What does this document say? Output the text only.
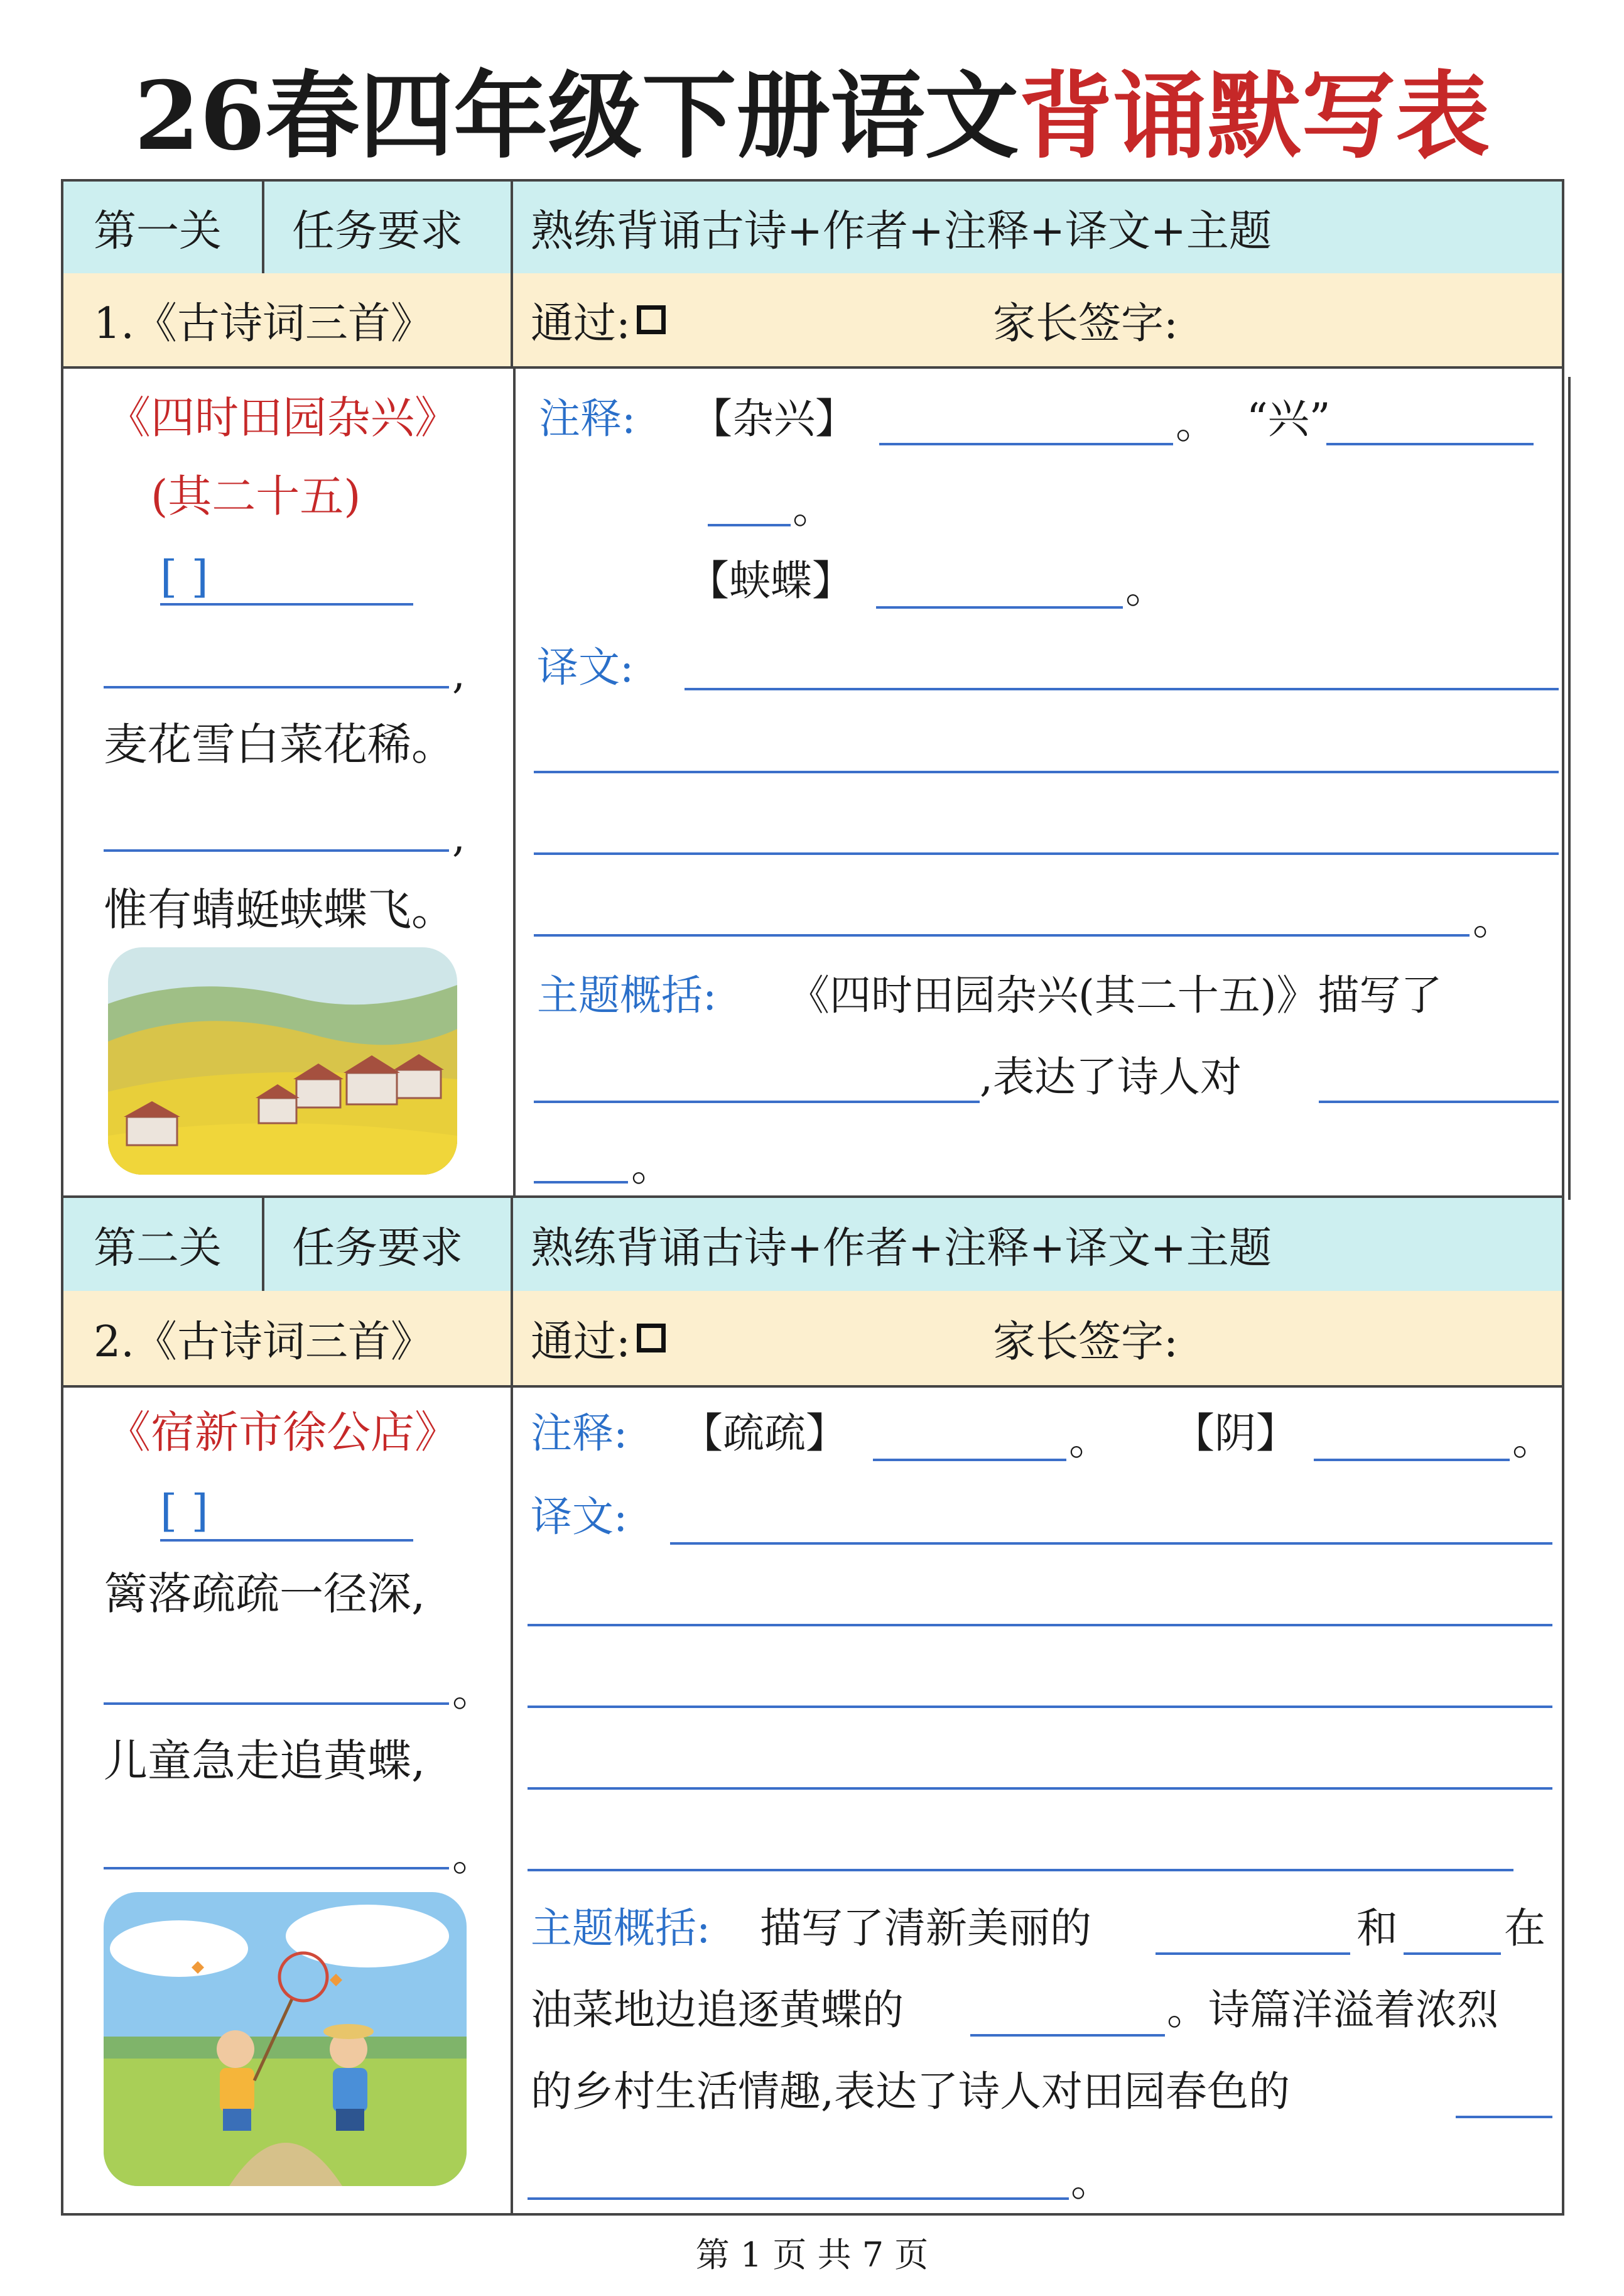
26春四年级下册语文背诵默写表
第一关 任务要求 熟练背诵古诗+作者+注释+译文+主题
1.《古诗词三首》 通过:	家长签字:
《四时田园杂兴》
(其二十五)
[ ]
,
麦花雪白菜花稀。
,
惟有蜻蜓蛱蝶飞。
注释: 【杂兴】	。 “兴”
。
【蛱蝶】	。
译文:
。
主题概括: 《四时田园杂兴(其二十五)》描写了
,表达了诗人对
。
第二关 任务要求 熟练背诵古诗+作者+注释+译文+主题
2.《古诗词三首》 通过:	家长签字:
《宿新市徐公店》
[ ]
篱落疏疏一径深,
。
儿童急走追黄蝶,
。
注释: 【疏疏】	。 【阴】	。
译文:
主题概括: 描写了清新美丽的	和	在
油菜地边追逐黄蝶的	。诗篇洋溢着浓烈
的乡村生活情趣,表达了诗人对田园春色的
。
第 1 页 共 7 页
